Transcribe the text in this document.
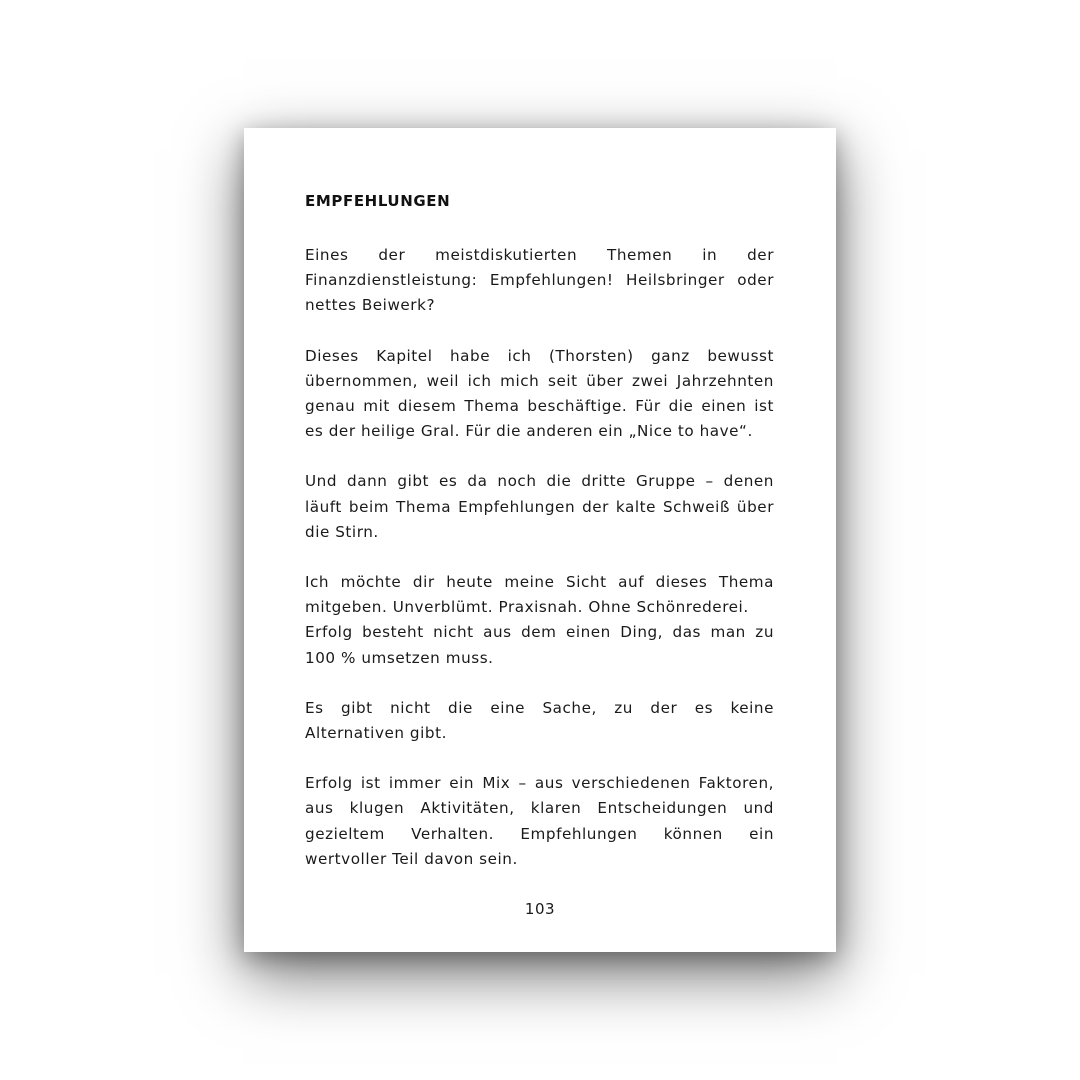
EMPFEHLUNGEN

Eines der meistdiskutierten Themen in der
Finanzdienstleistung: Empfehlungen! Heilsbringer oder
nettes Beiwerk?

Dieses Kapitel habe ich (Thorsten) ganz bewusst
übernommen, weil ich mich seit über zwei Jahrzehnten
genau mit diesem Thema beschäftige. Für die einen ist
es der heilige Gral. Für die anderen ein „Nice to have“.

Und dann gibt es da noch die dritte Gruppe – denen
läuft beim Thema Empfehlungen der kalte Schweiß über
die Stirn.

Ich möchte dir heute meine Sicht auf dieses Thema
mitgeben. Unverblümt. Praxisnah. Ohne Schönrederei.
Erfolg besteht nicht aus dem einen Ding, das man zu
100 % umsetzen muss.

Es gibt nicht die eine Sache, zu der es keine
Alternativen gibt.

Erfolg ist immer ein Mix – aus verschiedenen Faktoren,
aus klugen Aktivitäten, klaren Entscheidungen und
gezieltem Verhalten. Empfehlungen können ein
wertvoller Teil davon sein.

103
